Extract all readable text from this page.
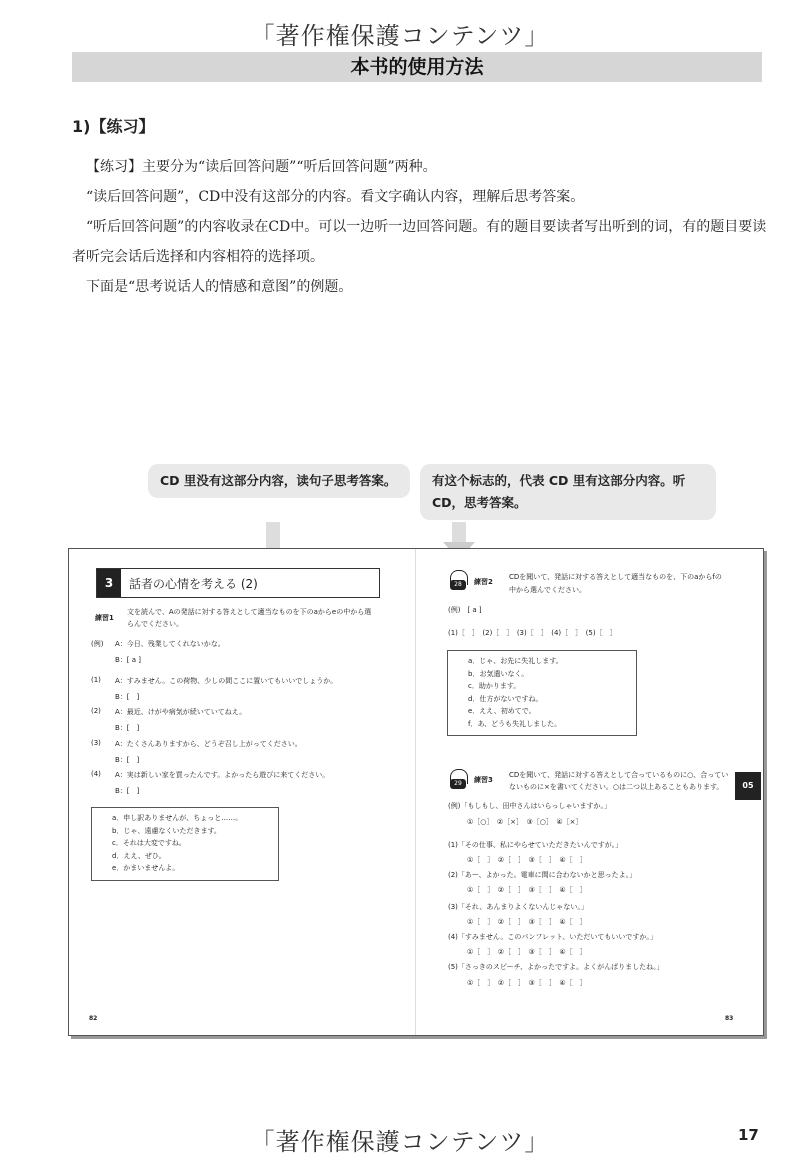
「著作権保護コンテンツ」
本书的使用方法
1)【练习】

【练习】主要分为“读后回答问题”“听后回答问题”两种。

“读后回答问题”，CD中没有这部分的内容。看文字确认内容，理解后思考答案。

“听后回答问题”的内容收录在CD中。可以一边听一边回答问题。有的题目要读者写出听到的词，有的题目要读者听完会话后选择和内容相符的选择项。

下面是“思考说话人的情感和意图”的例题。

CD 里没有这部分内容，读句子思考答案。	有这个标志的，代表 CD 里有这部分内容。听 CD，思考答案。
3	話者の心情を考える (2)
練習1
文を読んで、Aの発話に対する答えとして適当なものを下のaからeの中から選
らんでください。
(例) A：今日、残業してくれないかな。
B：[ a ]
(1) A：すみません。この荷物、少しの間ここに置いてもいいでしょうか。
B：[　]
(2) A：最近、けがや病気が続いていてねえ。
B：[　]
(3) A：たくさんありますから、どうぞ召し上がってください。
B：[　]
(4) A：実は新しい家を買ったんです。よかったら遊びに来てください。
B：[　]
a．申し訳ありませんが、ちょっと……。
b．じゃ、遠慮なくいただきます。
c．それは大変ですね。
d．ええ、ぜひ。
e．かまいませんよ。
82
28	練習2
CDを聞いて、発話に対する答えとして適当なものを、下のaからfの
中から選んでください。
(例)　[ a ]
(1)［　］　(2)［　］　(3)［　］　(4)［　］　(5)［　］
a．じゃ、お先に失礼します。
b．お気遣いなく。
c．助かります。
d．仕方がないですね。
e．ええ、初めてで。
f．あ、どうも失礼しました。
29	練習3
CDを聞いて、発話に対する答えとして合っているものに○、合ってい
ないものに×を書いてください。○は二つ以上あることもあります。	05
(例)「もしもし、田中さんはいらっしゃいますか。」
①［○］　②［×］　③［○］　④［×］
(1)「その仕事、私にやらせていただきたいんですが。」
①［　］　②［　］　③［　］　④［　］
(2)「あー、よかった。電車に間に合わないかと思ったよ。」
①［　］　②［　］　③［　］　④［　］
(3)「それ、あんまりよくないんじゃない。」
①［　］　②［　］　③［　］　④［　］
(4)「すみません。このパンフレット、いただいてもいいですか。」
①［　］　②［　］　③［　］　④［　］
(5)「さっきのスピーチ、よかったですよ。よくがんばりましたね。」
①［　］　②［　］　③［　］　④［　］
83
「著作権保護コンテンツ」	17
